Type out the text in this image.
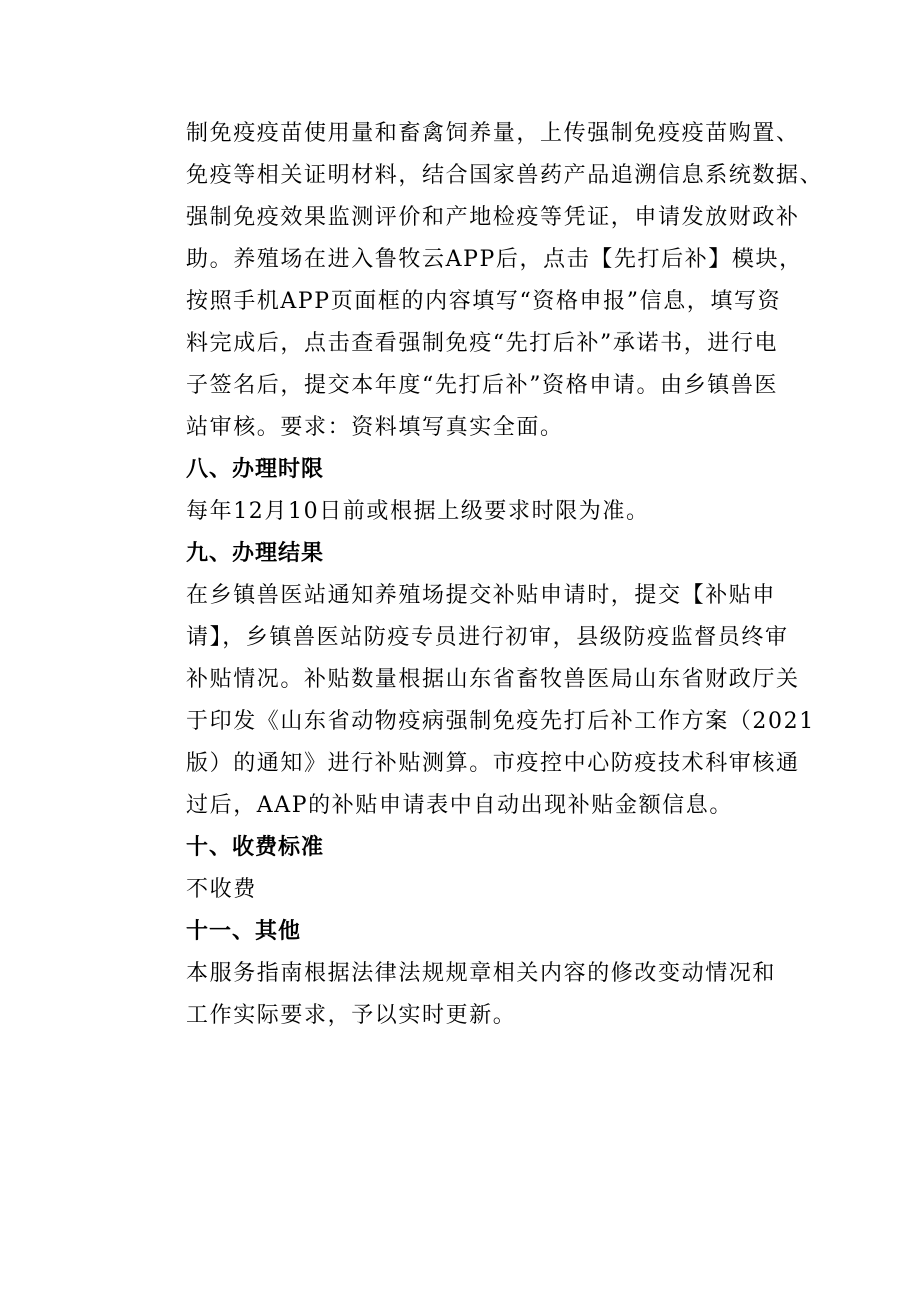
制免疫疫苗使用量和畜禽饲养量，上传强制免疫疫苗购置、
免疫等相关证明材料，结合国家兽药产品追溯信息系统数据、
强制免疫效果监测评价和产地检疫等凭证，申请发放财政补
助。养殖场在进入鲁牧云APP后，点击【先打后补】模块，
按照手机APP页面框的内容填写“资格申报”信息，填写资
料完成后，点击查看强制免疫“先打后补”承诺书，进行电
子签名后，提交本年度“先打后补”资格申请。由乡镇兽医
站审核。要求：资料填写真实全面。
八、办理时限
每年12月10日前或根据上级要求时限为准。
九、办理结果
在乡镇兽医站通知养殖场提交补贴申请时，提交【补贴申
请】，乡镇兽医站防疫专员进行初审，县级防疫监督员终审
补贴情况。补贴数量根据山东省畜牧兽医局山东省财政厅关
于印发《山东省动物疫病强制免疫先打后补工作方案（2021
版）的通知》进行补贴测算。市疫控中心防疫技术科审核通
过后，AAP的补贴申请表中自动出现补贴金额信息。
十、收费标准
不收费
十一、其他
本服务指南根据法律法规规章相关内容的修改变动情况和
工作实际要求，予以实时更新。
